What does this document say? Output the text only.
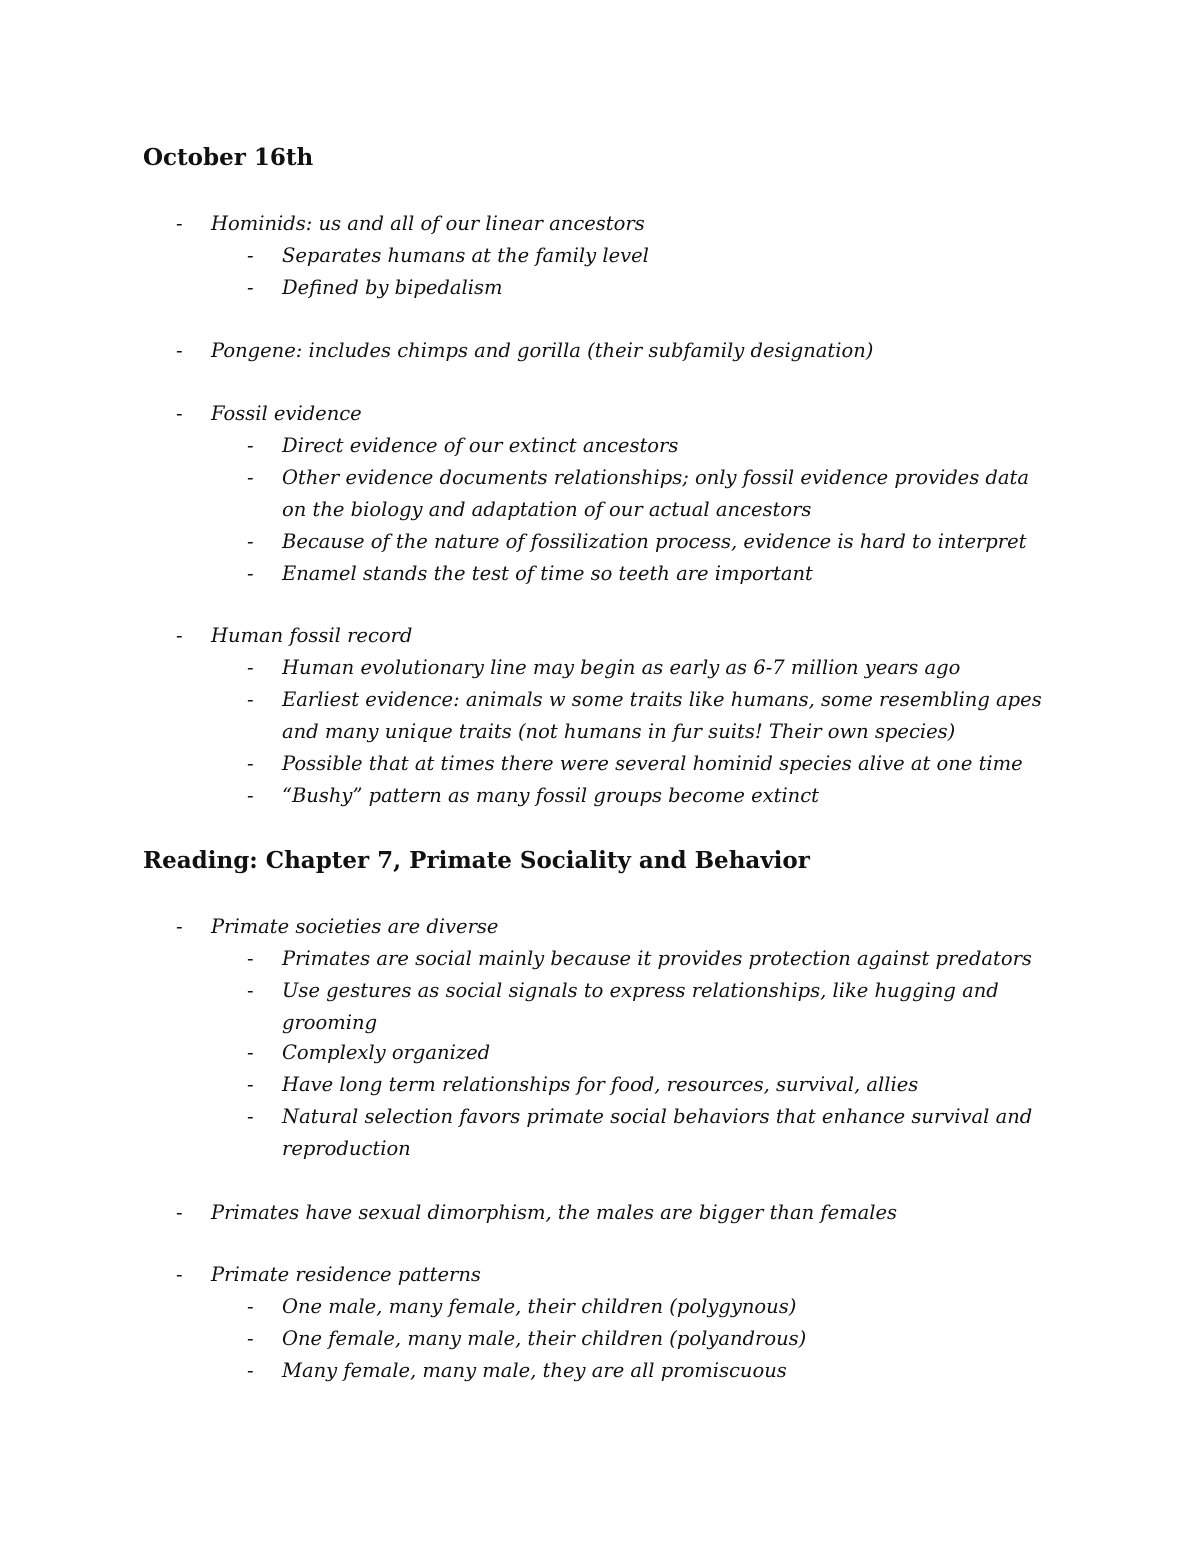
October 16th
- Hominids: us and all of our linear ancestors
- Separates humans at the family level
- Defined by bipedalism
- Pongene: includes chimps and gorilla (their subfamily designation)
- Fossil evidence
- Direct evidence of our extinct ancestors
- Other evidence documents relationships; only fossil evidence provides data on the biology and adaptation of our actual ancestors
- Because of the nature of fossilization process, evidence is hard to interpret
- Enamel stands the test of time so teeth are important
- Human fossil record
- Human evolutionary line may begin as early as 6-7 million years ago
- Earliest evidence: animals w some traits like humans, some resembling apes and many unique traits (not humans in fur suits! Their own species)
- Possible that at times there were several hominid species alive at one time
- “Bushy” pattern as many fossil groups become extinct
Reading: Chapter 7, Primate Sociality and Behavior
- Primate societies are diverse
- Primates are social mainly because it provides protection against predators
- Use gestures as social signals to express relationships, like hugging and grooming
- Complexly organized
- Have long term relationships for food, resources, survival, allies
- Natural selection favors primate social behaviors that enhance survival and reproduction
- Primates have sexual dimorphism, the males are bigger than females
- Primate residence patterns
- One male, many female, their children (polygynous)
- One female, many male, their children (polyandrous)
- Many female, many male, they are all promiscuous
